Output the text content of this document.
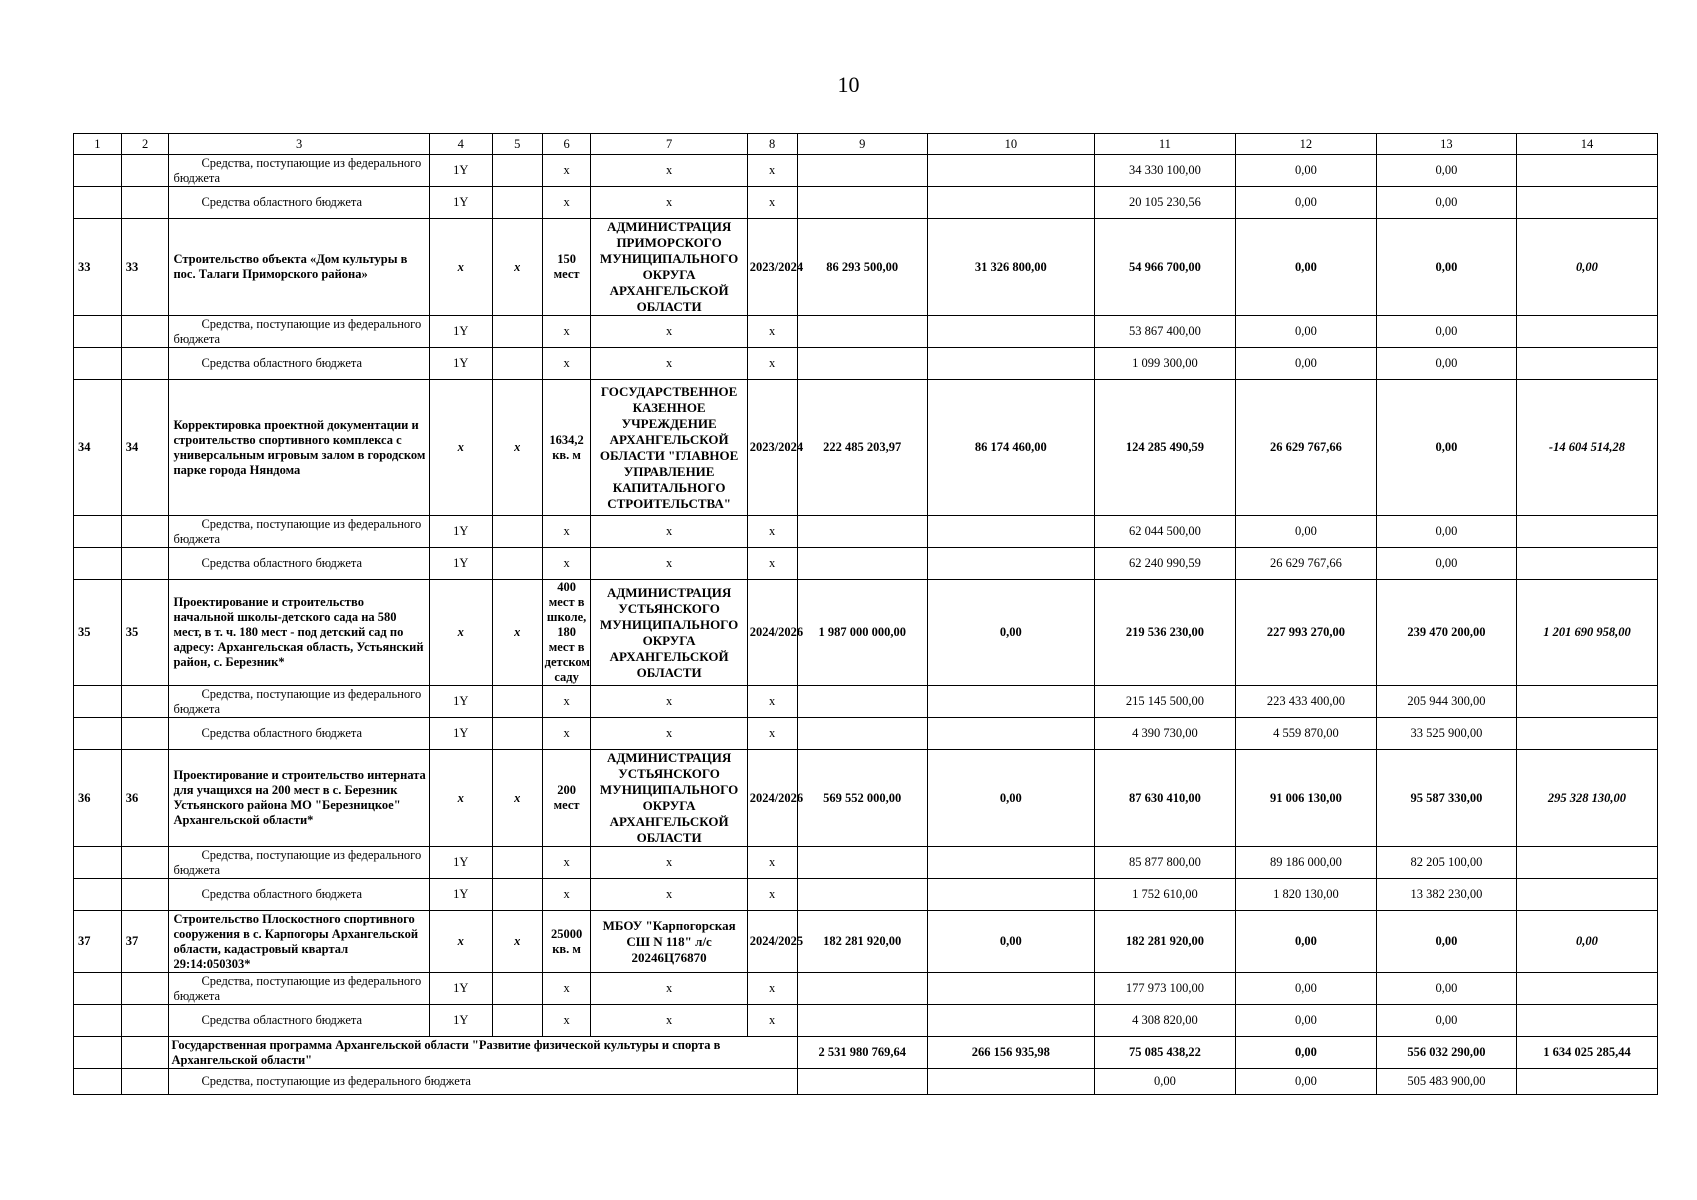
10
1	2	3	4	5	6	7	8	9	10	11	12	13	14
		Средства, поступающие из федерального бюджета	1Y		x	x	x			34 330 100,00	0,00	0,00	
		Средства областного бюджета	1Y		x	x	x			20 105 230,56	0,00	0,00	
33	33	Строительство объекта «Дом культуры в пос. Талаги Приморского района»	x	x	150 мест	АДМИНИСТРАЦИЯ ПРИМОРСКОГО МУНИЦИПАЛЬНОГО ОКРУГА АРХАНГЕЛЬСКОЙ ОБЛАСТИ	2023/2024	86 293 500,00	31 326 800,00	54 966 700,00	0,00	0,00	0,00
		Средства, поступающие из федерального бюджета	1Y		x	x	x			53 867 400,00	0,00	0,00	
		Средства областного бюджета	1Y		x	x	x			1 099 300,00	0,00	0,00	
34	34	Корректировка проектной документации и строительство спортивного комплекса с универсальным игровым залом в городском парке города Няндома	x	x	1634,2 кв. м	ГОСУДАРСТВЕННОЕ КАЗЕННОЕ УЧРЕЖДЕНИЕ АРХАНГЕЛЬСКОЙ ОБЛАСТИ "ГЛАВНОЕ УПРАВЛЕНИЕ КАПИТАЛЬНОГО СТРОИТЕЛЬСТВА"	2023/2024	222 485 203,97	86 174 460,00	124 285 490,59	26 629 767,66	0,00	-14 604 514,28
		Средства, поступающие из федерального бюджета	1Y		x	x	x			62 044 500,00	0,00	0,00	
		Средства областного бюджета	1Y		x	x	x			62 240 990,59	26 629 767,66	0,00	
35	35	Проектирование и строительство начальной школы-детского сада на 580 мест, в т. ч. 180 мест - под детский сад по адресу: Архангельская область, Устьянский район, с. Березник*	x	x	400 мест в школе, 180 мест в детском саду	АДМИНИСТРАЦИЯ УСТЬЯНСКОГО МУНИЦИПАЛЬНОГО ОКРУГА АРХАНГЕЛЬСКОЙ ОБЛАСТИ	2024/2026	1 987 000 000,00	0,00	219 536 230,00	227 993 270,00	239 470 200,00	1 201 690 958,00
		Средства, поступающие из федерального бюджета	1Y		x	x	x			215 145 500,00	223 433 400,00	205 944 300,00	
		Средства областного бюджета	1Y		x	x	x			4 390 730,00	4 559 870,00	33 525 900,00	
36	36	Проектирование и строительство интерната для учащихся на 200 мест в с. Березник Устьянского района МО "Березницкое" Архангельской области*	x	x	200 мест	АДМИНИСТРАЦИЯ УСТЬЯНСКОГО МУНИЦИПАЛЬНОГО ОКРУГА АРХАНГЕЛЬСКОЙ ОБЛАСТИ	2024/2026	569 552 000,00	0,00	87 630 410,00	91 006 130,00	95 587 330,00	295 328 130,00
		Средства, поступающие из федерального бюджета	1Y		x	x	x			85 877 800,00	89 186 000,00	82 205 100,00	
		Средства областного бюджета	1Y		x	x	x			1 752 610,00	1 820 130,00	13 382 230,00	
37	37	Строительство Плоскостного спортивного сооружения в с. Карпогоры Архангельской области, кадастровый квартал 29:14:050303*	x	x	25000 кв. м	МБОУ "Карпогорская СШ N 118" л/с 20246Ц76870	2024/2025	182 281 920,00	0,00	182 281 920,00	0,00	0,00	0,00
		Средства, поступающие из федерального бюджета	1Y		x	x	x			177 973 100,00	0,00	0,00	
		Средства областного бюджета	1Y		x	x	x			4 308 820,00	0,00	0,00	
		Государственная программа Архангельской области "Развитие физической культуры и спорта в Архангельской области"						2 531 980 769,64	266 156 935,98	75 085 438,22	0,00	556 032 290,00	1 634 025 285,44
		Средства, поступающие из федерального бюджета								0,00	0,00	505 483 900,00	
